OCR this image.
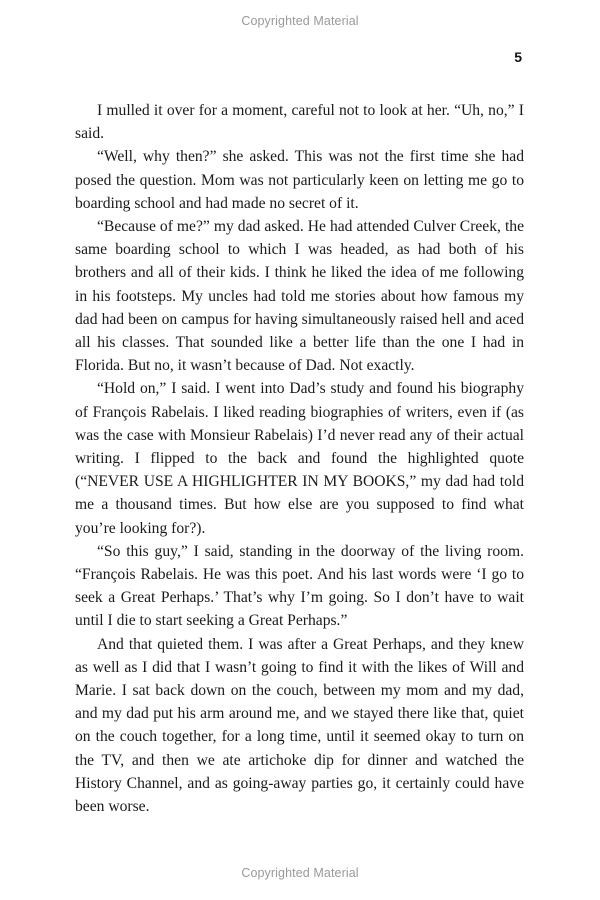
Copyrighted Material
5

I mulled it over for a moment, careful not to look at her. “Uh, no,” I said.

“Well, why then?” she asked. This was not the first time she had posed the question. Mom was not particularly keen on letting me go to boarding school and had made no secret of it.

“Because of me?” my dad asked. He had attended Culver Creek, the same boarding school to which I was headed, as had both of his brothers and all of their kids. I think he liked the idea of me following in his footsteps. My uncles had told me stories about how famous my dad had been on campus for having simultaneously raised hell and aced all his classes. That sounded like a better life than the one I had in Florida. But no, it wasn’t because of Dad. Not exactly.

“Hold on,” I said. I went into Dad’s study and found his biography of François Rabelais. I liked reading biographies of writers, even if (as was the case with Monsieur Rabelais) I’d never read any of their actual writing. I flipped to the back and found the highlighted quote (“NEVER USE A HIGHLIGHTER IN MY BOOKS,” my dad had told me a thousand times. But how else are you supposed to find what you’re looking for?).

“So this guy,” I said, standing in the doorway of the living room. “François Rabelais. He was this poet. And his last words were ‘I go to seek a Great Perhaps.’ That’s why I’m going. So I don’t have to wait until I die to start seeking a Great Perhaps.”

And that quieted them. I was after a Great Perhaps, and they knew as well as I did that I wasn’t going to find it with the likes of Will and Marie. I sat back down on the couch, between my mom and my dad, and my dad put his arm around me, and we stayed there like that, quiet on the couch together, for a long time, until it seemed okay to turn on the TV, and then we ate artichoke dip for dinner and watched the History Channel, and as going-away parties go, it certainly could have been worse.

Copyrighted Material
